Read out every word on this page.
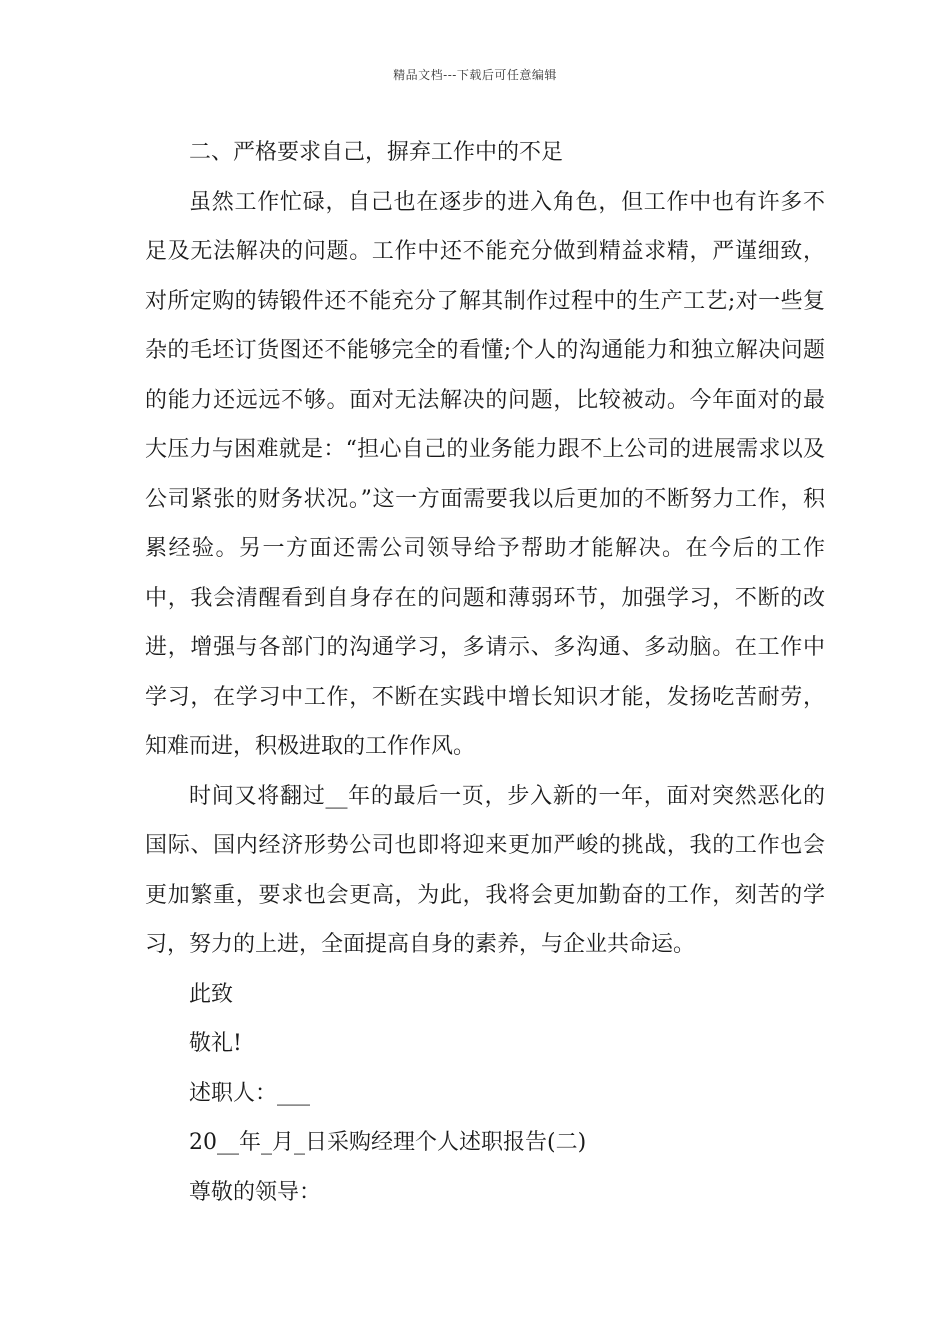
精品文档---下载后可任意编辑

二、严格要求自己，摒弃工作中的不足

虽然工作忙碌，自己也在逐步的进入角色，但工作中也有许多不足及无法解决的问题。工作中还不能充分做到精益求精，严谨细致，对所定购的铸锻件还不能充分了解其制作过程中的生产工艺;对一些复杂的毛坯订货图还不能够完全的看懂;个人的沟通能力和独立解决问题的能力还远远不够。面对无法解决的问题，比较被动。今年面对的最大压力与困难就是：“担心自己的业务能力跟不上公司的进展需求以及公司紧张的财务状况。”这一方面需要我以后更加的不断努力工作，积累经验。另一方面还需公司领导给予帮助才能解决。在今后的工作中，我会清醒看到自身存在的问题和薄弱环节，加强学习，不断的改进，增强与各部门的沟通学习，多请示、多沟通、多动脑。在工作中学习，在学习中工作，不断在实践中增长知识才能，发扬吃苦耐劳，知难而进，积极进取的工作作风。

时间又将翻过__年的最后一页，步入新的一年，面对突然恶化的国际、国内经济形势公司也即将迎来更加严峻的挑战，我的工作也会更加繁重，要求也会更高，为此，我将会更加勤奋的工作，刻苦的学习，努力的上进，全面提高自身的素养，与企业共命运。

此致

敬礼!

述职人：___

20__年_月_日采购经理个人述职报告(二)

尊敬的领导：
